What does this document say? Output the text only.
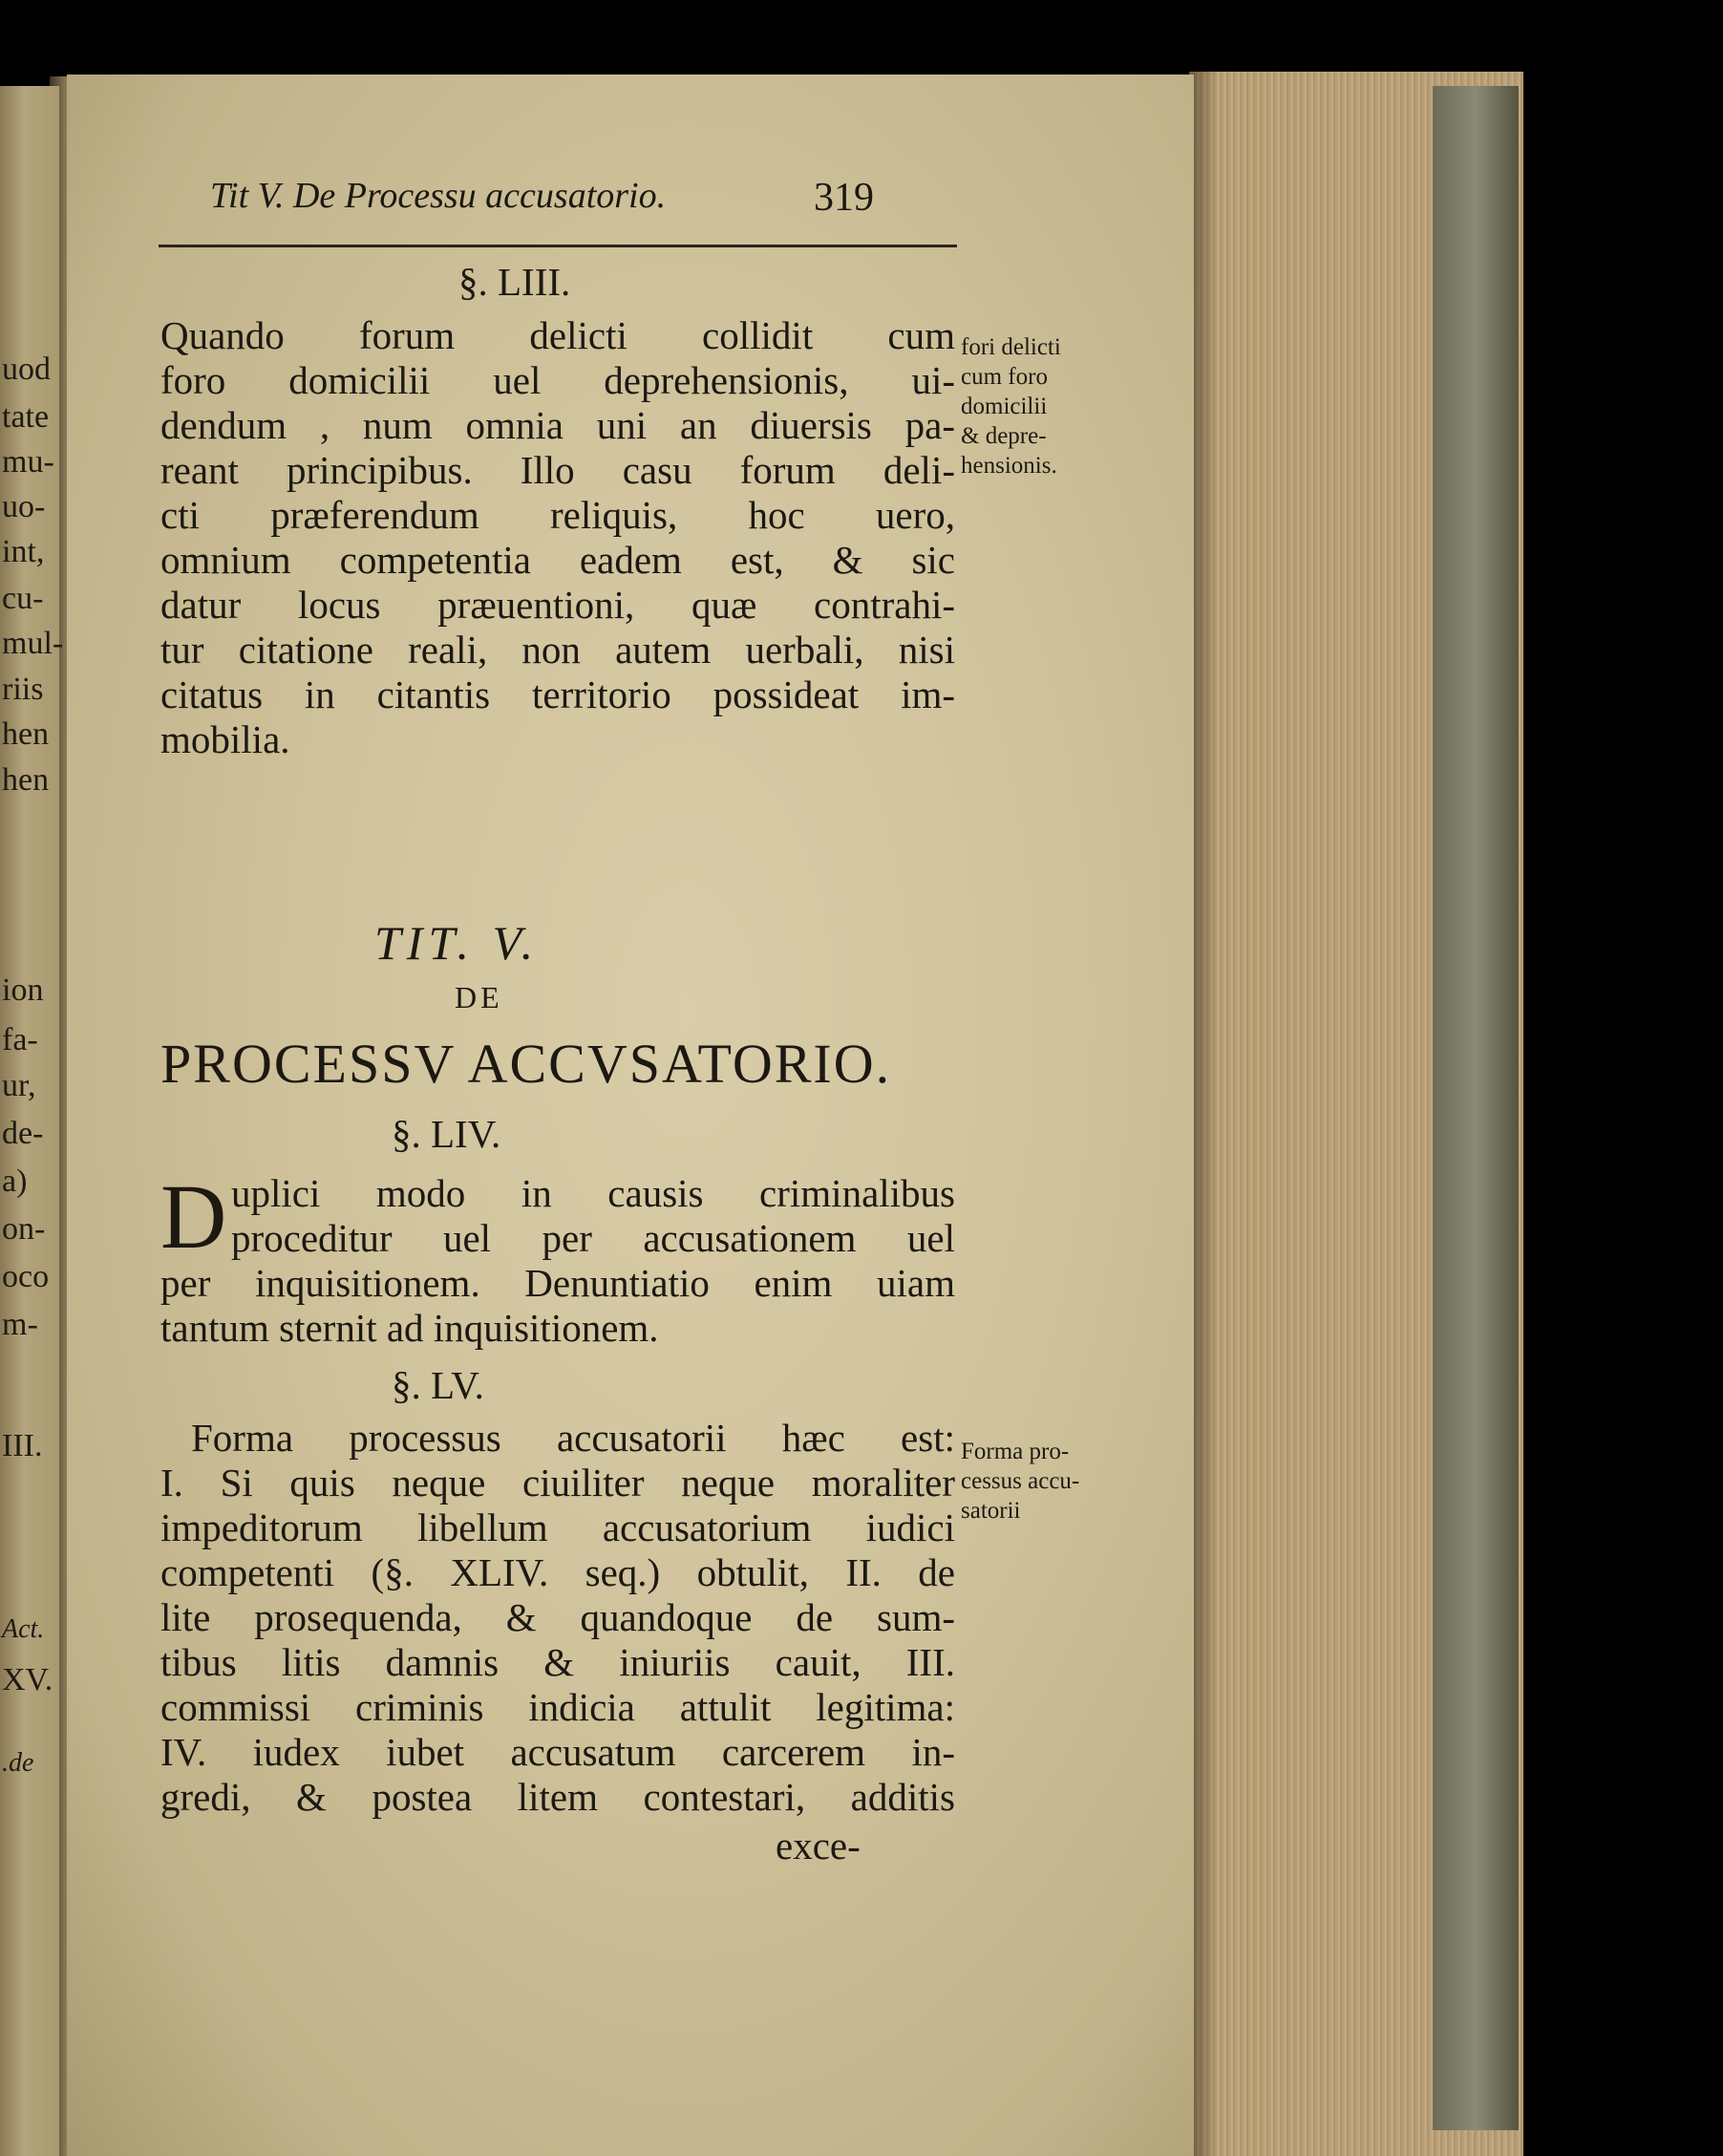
uod
tate
mu-
uo-
int,
cu-
mul-
riis
hen
hen
ion
fa-
ur,
de-
a)
on-
oco
m-
III.
Act.
XV.
.de
Tit V. De Processu accusatorio.	319
§. LIII.
Quando forum delicti collidit cum
foro domicilii uel deprehensionis, ui-
dendum , num omnia uni an diuersis pa-
reant principibus. Illo casu forum deli-
cti præferendum reliquis, hoc uero,
omnium competentia eadem est, & sic
datur locus præuentioni, quæ contrahi-
tur citatione reali, non autem uerbali, nisi
citatus in citantis territorio possideat im-
mobilia.
fori delicti
cum foro
domicilii
& depre-
hensionis.
TIT. V.
DE
PROCESSV ACCVSATORIO.
§. LIV.
D uplici modo in causis criminalibus
proceditur uel per accusationem uel
per inquisitionem. Denuntiatio enim uiam
tantum sternit ad inquisitionem.
§. LV.
Forma processus accusatorii hæc est:
I. Si quis neque ciuiliter neque moraliter
impeditorum libellum accusatorium iudici
competenti (§. XLIV. seq.) obtulit, II. de
lite prosequenda, & quandoque de sum-
tibus litis damnis & iniuriis cauit, III.
commissi criminis indicia attulit legitima:
IV. iudex iubet accusatum carcerem in-
gredi, & postea litem contestari, additis
Forma pro-
cessus accu-
satorii
exce-
